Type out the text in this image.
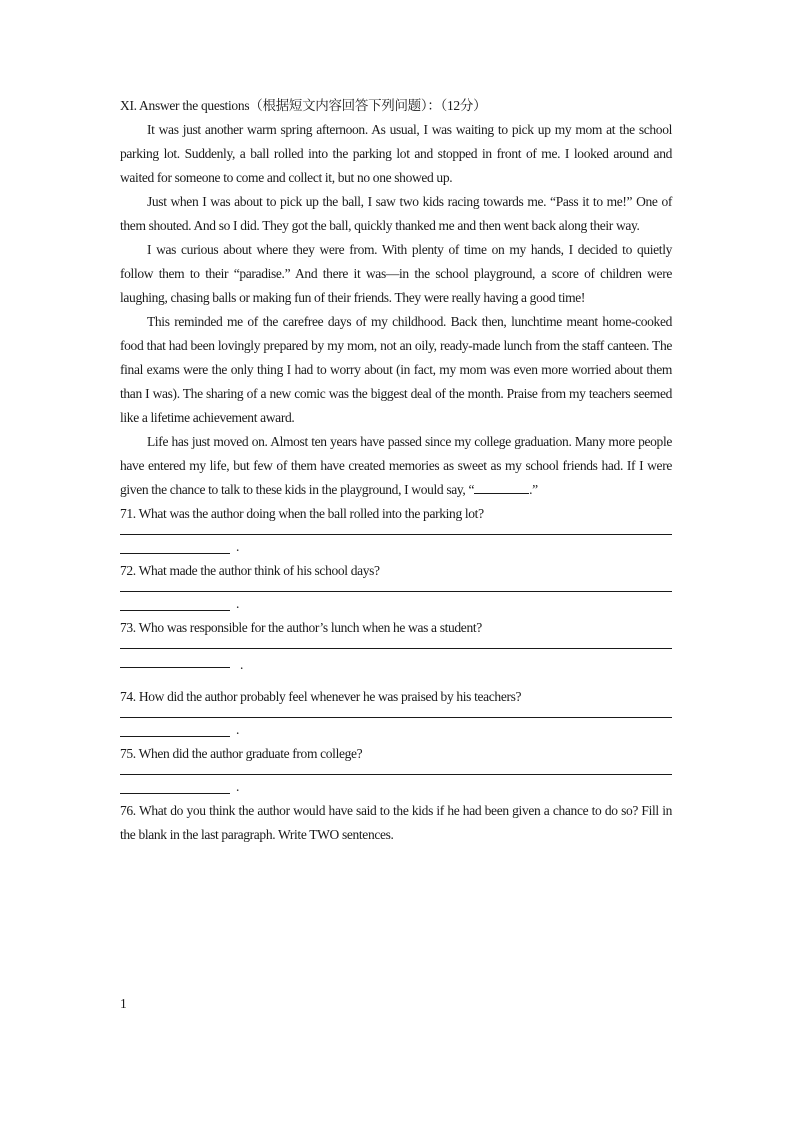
XI. Answer the questions（根据短文内容回答下列问题）：（12分）
It was just another warm spring afternoon. As usual, I was waiting to pick up my mom at the school parking lot. Suddenly, a ball rolled into the parking lot and stopped in front of me. I looked around and waited for someone to come and collect it, but no one showed up.
Just when I was about to pick up the ball, I saw two kids racing towards me. “Pass it to me!” One of them shouted. And so I did. They got the ball, quickly thanked me and then went back along their way.
I was curious about where they were from. With plenty of time on my hands, I decided to quietly follow them to their “paradise.” And there it was—in the school playground, a score of children were laughing, chasing balls or making fun of their friends. They were really having a good time!
This reminded me of the carefree days of my childhood. Back then, lunchtime meant home-cooked food that had been lovingly prepared by my mom, not an oily, ready-made lunch from the staff canteen. The final exams were the only thing I had to worry about (in fact, my mom was even more worried about them than I was). The sharing of a new comic was the biggest deal of the month. Praise from my teachers seemed like a lifetime achievement award.
Life has just moved on. Almost ten years have passed since my college graduation. Many more people have entered my life, but few of them have created memories as sweet as my school friends had. If I were given the chance to talk to these kids in the playground, I would say, “	.”
71. What was the author doing when the ball rolled into the parking lot?
.
72. What made the author think of his school days?
.
73. Who was responsible for the author’s lunch when he was a student?
.
74. How did the author probably feel whenever he was praised by his teachers?
.
75. When did the author graduate from college?
.
76. What do you think the author would have said to the kids if he had been given a chance to do so? Fill in the blank in the last paragraph. Write TWO sentences.
1
